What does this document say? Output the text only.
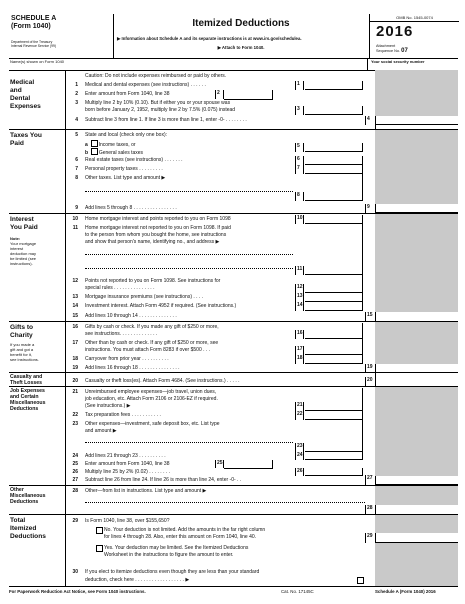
SCHEDULE A
(Form 1040)
Department of the Treasury
Internal Revenue Service (99)
Itemized Deductions
▶ Information about Schedule A and its separate instructions is at www.irs.gov/schedulea.
▶ Attach to Form 1040.
OMB No. 1545-0074
2016
Attachment
Sequence No. 07
Name(s) shown on Form 1040	Your social security number
Medical
and
Dental
Expenses
Caution: Do not include expenses reimbursed or paid by others.
1 Medical and dental expenses (see instructions) . . . . . .	1
2 Enter amount from Form 1040, line 38	2
3 Multiply line 2 by 10% (0.10). But if either you or your spouse was
born before January 2, 1952, multiply line 2 by 7.5% (0.075) instead	3
4 Subtract line 3 from line 1. If line 3 is more than line 1, enter -0- . . . . . . . .	4
Taxes You
Paid
5 State and local (check only one box):
a Income taxes, or	5
b General sales taxes
6 Real estate taxes (see instructions) . . . . . . .	6
7 Personal property taxes . . . . . . . . .	7
8 Other taxes. List type and amount ▶
8
9 Add lines 5 through 8 . . . . . . . . . . . . . . . .	9
Interest
You Paid
Note:
Your mortgage
interest
deduction may
be limited (see
instructions).
10 Home mortgage interest and points reported to you on Form 1098	10
11 Home mortgage interest not reported to you on Form 1098. If paid
to the person from whom you bought the home, see instructions
and show that person's name, identifying no., and address ▶
11
12 Points not reported to you on Form 1098. See instructions for
special rules . . . . . . . . . . . . . . .	12
13 Mortgage insurance premiums (see instructions) . . . .	13
14 Investment interest. Attach Form 4952 if required. (See instructions.)	14
15 Add lines 10 through 14 . . . . . . . . . . . . . .	15
Gifts to
Charity
If you made a
gift and got a
benefit for it,
see instructions.
16 Gifts by cash or check. If you made any gift of $250 or more,
see instructions. . . . . . . . . . . . . .	16
17 Other than by cash or check. If any gift of $250 or more, see
instructions. You must attach Form 8283 if over $500 . . .	17
18 Carryover from prior year . . . . . . . . . .	18
19 Add lines 16 through 18 . . . . . . . . . . . . . . .	19
Casualty and
Theft Losses	20 Casualty or theft loss(es). Attach Form 4684. (See instructions.) . . . . .	20
Job Expenses
and Certain
Miscellaneous
Deductions
21 Unreimbursed employee expenses—job travel, union dues,
job education, etc. Attach Form 2106 or 2106-EZ if required.
(See instructions.) ▶	21
22 Tax preparation fees . . . . . . . . . . .	22
23 Other expenses—investment, safe deposit box, etc. List type
and amount ▶
23
24 Add lines 21 through 23 . . . . . . . . . .	24
25 Enter amount from Form 1040, line 38	25
26 Multiply line 25 by 2% (0.02) . . . . . . . .	26
27 Subtract line 26 from line 24. If line 26 is more than line 24, enter -0- . .	27
Other
Miscellaneous
Deductions
28 Other—from list in instructions. List type and amount ▶
28
Total
Itemized
Deductions
29 Is Form 1040, line 38, over $155,650?
No. Your deduction is not limited. Add the amounts in the far right column
for lines 4 through 28. Also, enter this amount on Form 1040, line 40.
Yes. Your deduction may be limited. See the Itemized Deductions
Worksheet in the instructions to figure the amount to enter.
29
30 If you elect to itemize deductions even though they are less than your standard
deduction, check here . . . . . . . . . . . . . . . . . . ▶
For Paperwork Reduction Act Notice, see Form 1040 instructions.	Cat. No. 17145C	Schedule A (Form 1040) 2016
